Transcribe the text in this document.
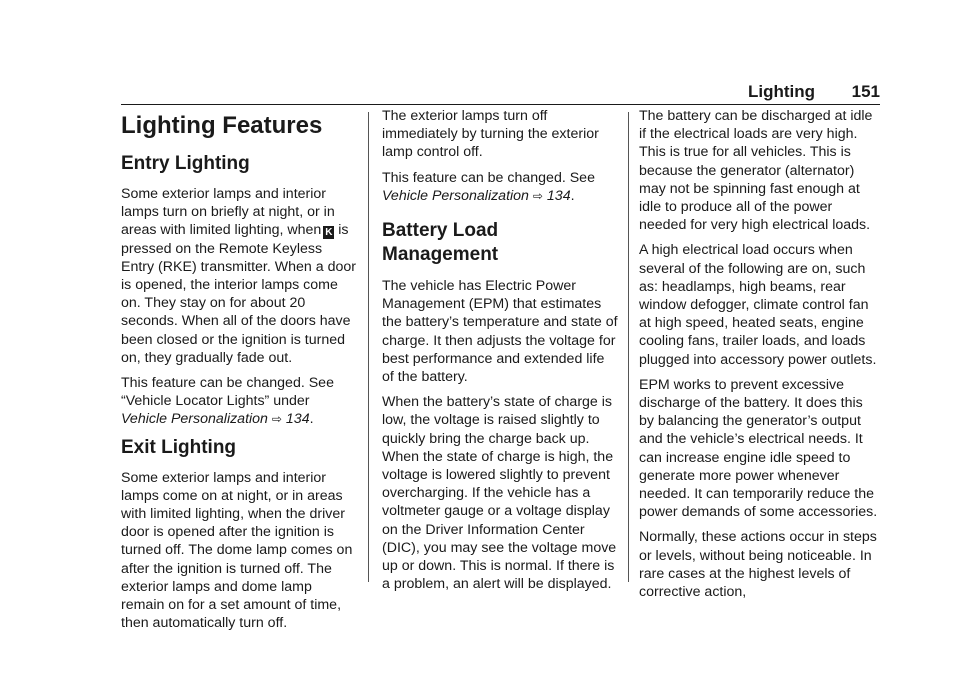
Lighting 151
Lighting Features
Entry Lighting

Some exterior lamps and interior lamps turn on briefly at night, or in areas with limited lighting, when K is pressed on the Remote Keyless Entry (RKE) transmitter. When a door is opened, the interior lamps come on. They stay on for about 20 seconds. When all of the doors have been closed or the ignition is turned on, they gradually fade out.

This feature can be changed. See “Vehicle Locator Lights” under Vehicle Personalization ⇨ 134.

Exit Lighting

Some exterior lamps and interior lamps come on at night, or in areas with limited lighting, when the driver door is opened after the ignition is turned off. The dome lamp comes on after the ignition is turned off. The exterior lamps and dome lamp remain on for a set amount of time, then automatically turn off.

The exterior lamps turn off immediately by turning the exterior lamp control off.

This feature can be changed. See Vehicle Personalization ⇨ 134.

Battery Load
Management

The vehicle has Electric Power Management (EPM) that estimates the battery’s temperature and state of charge. It then adjusts the voltage for best performance and extended life of the battery.

When the battery’s state of charge is low, the voltage is raised slightly to quickly bring the charge back up. When the state of charge is high, the voltage is lowered slightly to prevent overcharging. If the vehicle has a voltmeter gauge or a voltage display on the Driver Information Center (DIC), you may see the voltage move up or down. This is normal. If there is a problem, an alert will be displayed.

The battery can be discharged at idle if the electrical loads are very high. This is true for all vehicles. This is because the generator (alternator) may not be spinning fast enough at idle to produce all of the power needed for very high electrical loads.

A high electrical load occurs when several of the following are on, such as: headlamps, high beams, rear window defogger, climate control fan at high speed, heated seats, engine cooling fans, trailer loads, and loads plugged into accessory power outlets.

EPM works to prevent excessive discharge of the battery. It does this by balancing the generator’s output and the vehicle’s electrical needs. It can increase engine idle speed to generate more power whenever needed. It can temporarily reduce the power demands of some accessories.

Normally, these actions occur in steps or levels, without being noticeable. In rare cases at the highest levels of corrective action,
